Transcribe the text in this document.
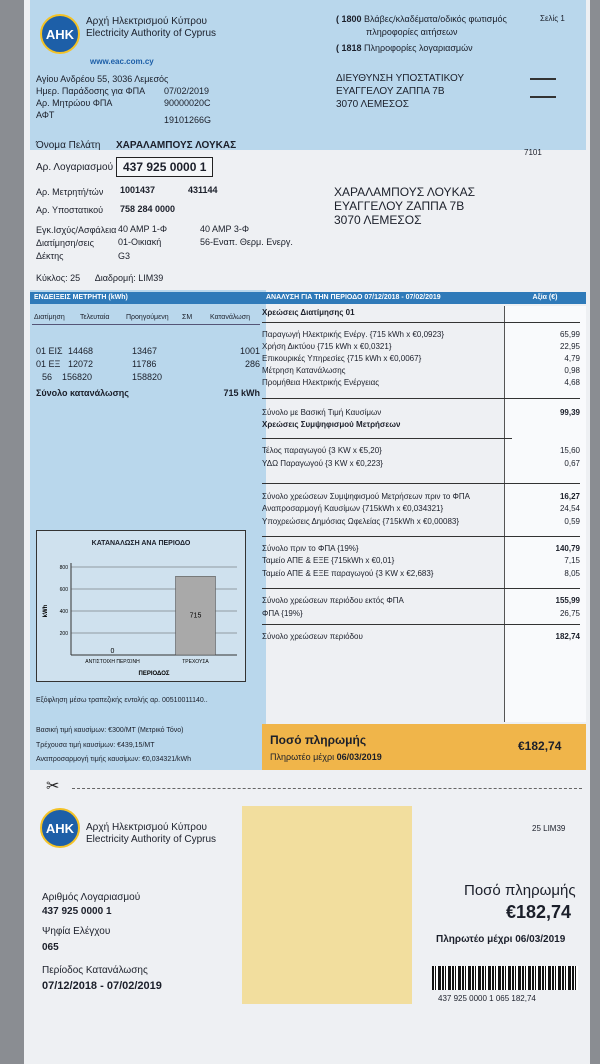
AHK
Αρχή Ηλεκτρισμού Κύπρου
Electricity Authority of Cyprus
www.eac.com.cy
Αγίου Ανδρέου 55, 3036 Λεμεσός
Ημερ. Παράδοσης για ΦΠΑ 07/02/2019
Αρ. Μητρώου ΦΠΑ	90000020C
ΑΦΤ	19101266G
( 1800 Βλάβες/κλαδέματα/οδικός φωτισμός
πληροφορίες αιτήσεων
( 1818 Πληροφορίες λογαριασμών
Σελίς 1
ΔΙΕΥΘΥΝΣΗ ΥΠΟΣΤΑΤΙΚΟΥ
ΕΥΑΓΓΕΛΟΥ ΖΑΠΠΑ 7Β
3070 ΛΕΜΕΣΟΣ
Όνομα Πελάτη ΧΑΡΑΛΑΜΠΟΥΣ ΛΟΥΚΑΣ
Αρ. Λογαριασμού 437 925 0000 1
7101
Αρ. Μετρητή/τών 1001437	431144
Αρ. Υποστατικού 758 284 0000
Εγκ.Ισχύς/Ασφάλεια 40 AMP 1-Φ	40 AMP 3-Φ
Διατίμηση/σεις	01-Οικιακή	56-Εναπ. Θερμ. Ενεργ.
Δέκτης	G3
Κύκλος: 25 Διαδρομή: LIM39
ΧΑΡΑΛΑΜΠΟΥΣ ΛΟΥΚΑΣ
ΕΥΑΓΓΕΛΟΥ ΖΑΠΠΑ 7Β
3070 ΛΕΜΕΣΟΣ
ΕΝΔΕΙΞΕΙΣ ΜΕΤΡΗΤΗ (kWh)
Διατίμηση Τελευταία Προηγούμενη ΣΜ	Κατανάλωση
01 ΕΙΣ 14468	13467	1001
01 ΕΞ 12072	11786	286
56 156820	158820
Σύνολο κατανάλωσης	715 kWh
ΚΑΤΑΝΑΛΩΣΗ ΑΝΑ ΠΕΡΙΟΔΟ
200
400
600
800
kWh
0
ΑΝΤΙΣΤΟΙΧΗ ΠΕΡ/ΣΙΝΗ
715
ΤΡΕΧΟΥΣΑ
ΠΕΡΙΟΔΟΣ
Εξόφληση μέσω τραπεζικής εντολής αρ. 00510011140..
Βασική τιμή καυσίμων: €300/ΜΤ (Μετρικό Τόνο)
Τρέχουσα τιμή καυσίμων: €439,15/ΜΤ
Αναπροσαρμογή τιμής καυσίμων: €0,034321/kWh
ΑΝΑΛΥΣΗ ΓΙΑ ΤΗΝ ΠΕΡΙΟΔΟ 07/12/2018 - 07/02/2019	Αξία (€)
Χρεώσεις Διατίμησης 01
Παραγωγή Ηλεκτρικής Ενέργ. {715 kWh x €0,0923}	65,99
Χρήση Δικτύου {715 kWh x €0,0321}	22,95
Επικουρικές Υπηρεσίες {715 kWh x €0,0067}	4,79
Μέτρηση Κατανάλωσης	0,98
Προμήθεια Ηλεκτρικής Ενέργειας	4,68
Σύνολο με Βασική Τιμή Καυσίμων	99,39
Χρεώσεις Συμψηφισμού Μετρήσεων
Τέλος παραγωγού {3 KW x €5,20}	15,60
ΥΔΩ Παραγωγού {3 KW x €0,223}	0,67
Σύνολο χρεώσεων Συμψηφισμού Μετρήσεων πριν το ΦΠΑ	16,27
Αναπροσαρμογή Καυσίμων {715kWh x €0,034321}	24,54
Υποχρεώσεις Δημόσιας Ωφελείας {715kWh x €0,00083}	0,59
Σύνολο πριν το ΦΠΑ {19%}	140,79
Ταμείο ΑΠΕ & ΕΞΕ {715kWh x €0,01}	7,15
Ταμείο ΑΠΕ & ΕΞΕ παραγωγού {3 KW x €2,683}	8,05
Σύνολο χρεώσεων περιόδου εκτός ΦΠΑ	155,99
ΦΠΑ {19%}	26,75
Σύνολο χρεώσεων περιόδου	182,74
Ποσό πληρωμής
Πληρωτέο μέχρι 06/03/2019
€182,74
✂
AHK	Αρχή Ηλεκτρισμού Κύπρου
Electricity Authority of Cyprus
25 LIM39
Αριθμός Λογαριασμού
437 925 0000 1
Ψηφία Ελέγχου
065
Περίοδος Κατανάλωσης
07/12/2018 - 07/02/2019
Ποσό πληρωμής
€182,74
Πληρωτέο μέχρι 06/03/2019
437 925 0000 1 065 182,74
